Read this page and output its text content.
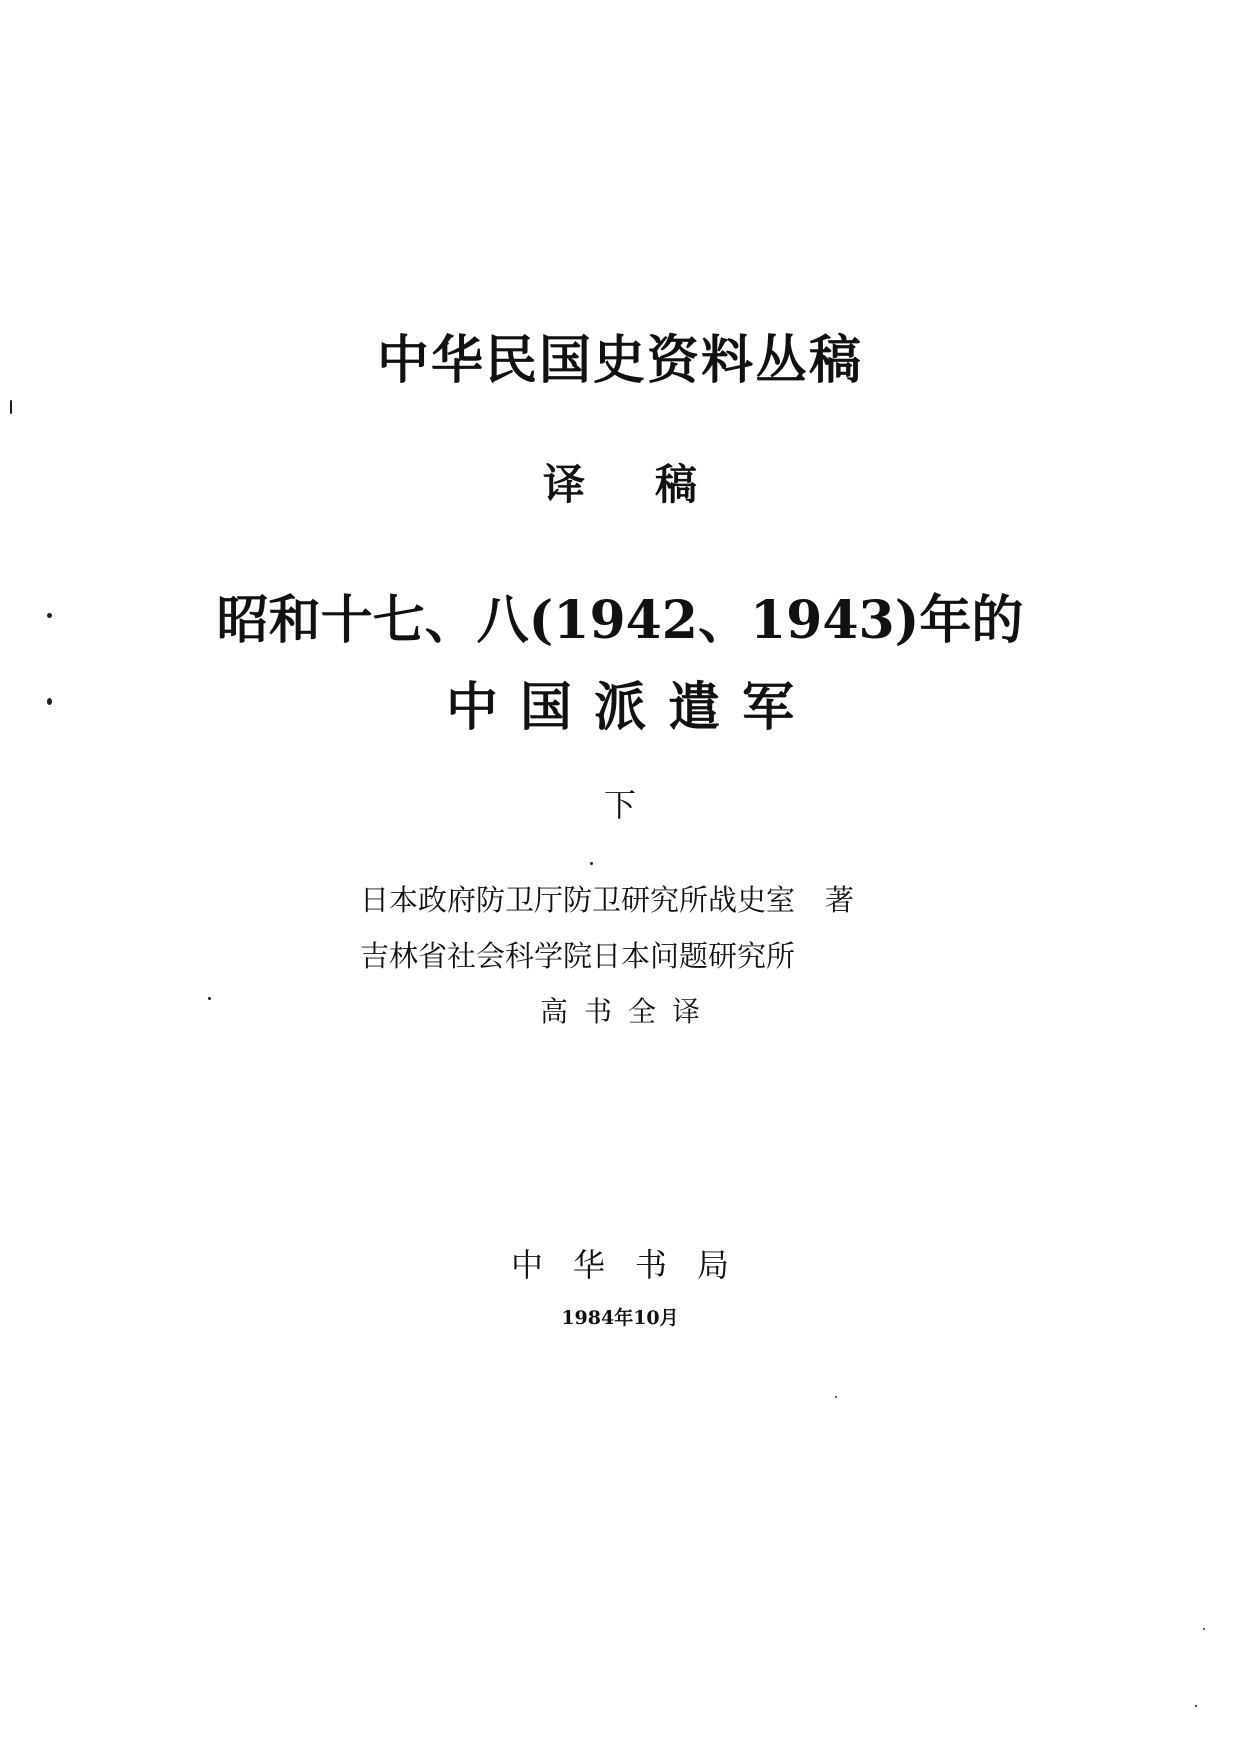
中华民国史资料丛稿
译稿
昭和十七、八(1942、1943)年的
中国派遣军
下
日本政府防卫厅防卫研究所战史室 著
吉林省社会科学院日本问题研究所
高书全译
中华书局
1984年10月
